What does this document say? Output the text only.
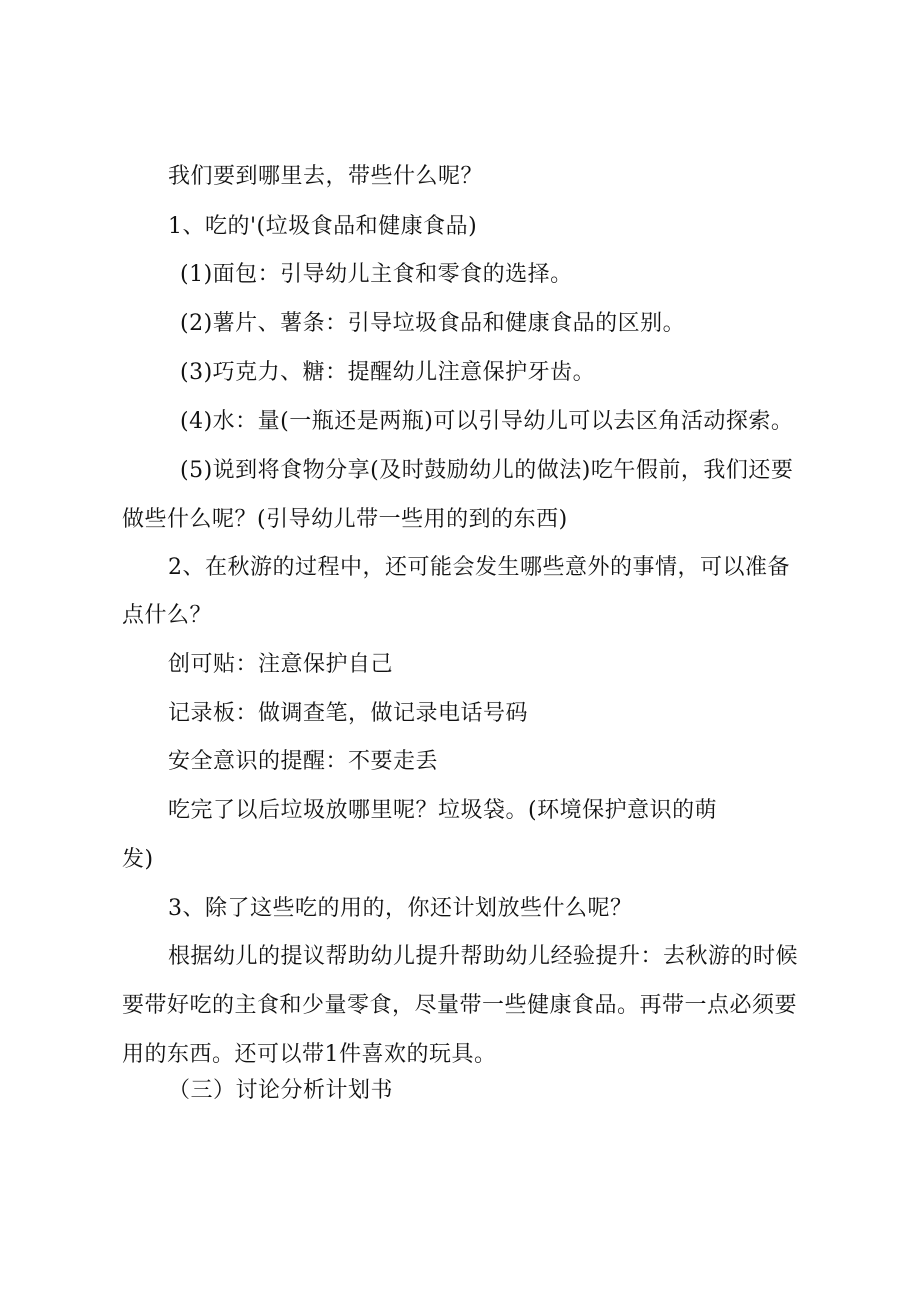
我们要到哪里去，带些什么呢？
1、吃的'(垃圾食品和健康食品)
(1)面包：引导幼儿主食和零食的选择。
(2)薯片、薯条：引导垃圾食品和健康食品的区别。
(3)巧克力、糖：提醒幼儿注意保护牙齿。
(4)水：量(一瓶还是两瓶)可以引导幼儿可以去区角活动探索。
(5)说到将食物分享(及时鼓励幼儿的做法)吃午假前，我们还要
做些什么呢？(引导幼儿带一些用的到的东西)
2、在秋游的过程中，还可能会发生哪些意外的事情，可以准备
点什么？
创可贴：注意保护自己
记录板：做调查笔，做记录电话号码
安全意识的提醒：不要走丢
吃完了以后垃圾放哪里呢？垃圾袋。(环境保护意识的萌
发)
3、除了这些吃的用的，你还计划放些什么呢？
根据幼儿的提议帮助幼儿提升帮助幼儿经验提升：去秋游的时候
要带好吃的主食和少量零食，尽量带一些健康食品。再带一点必须要
用的东西。还可以带1件喜欢的玩具。
（三）讨论分析计划书
